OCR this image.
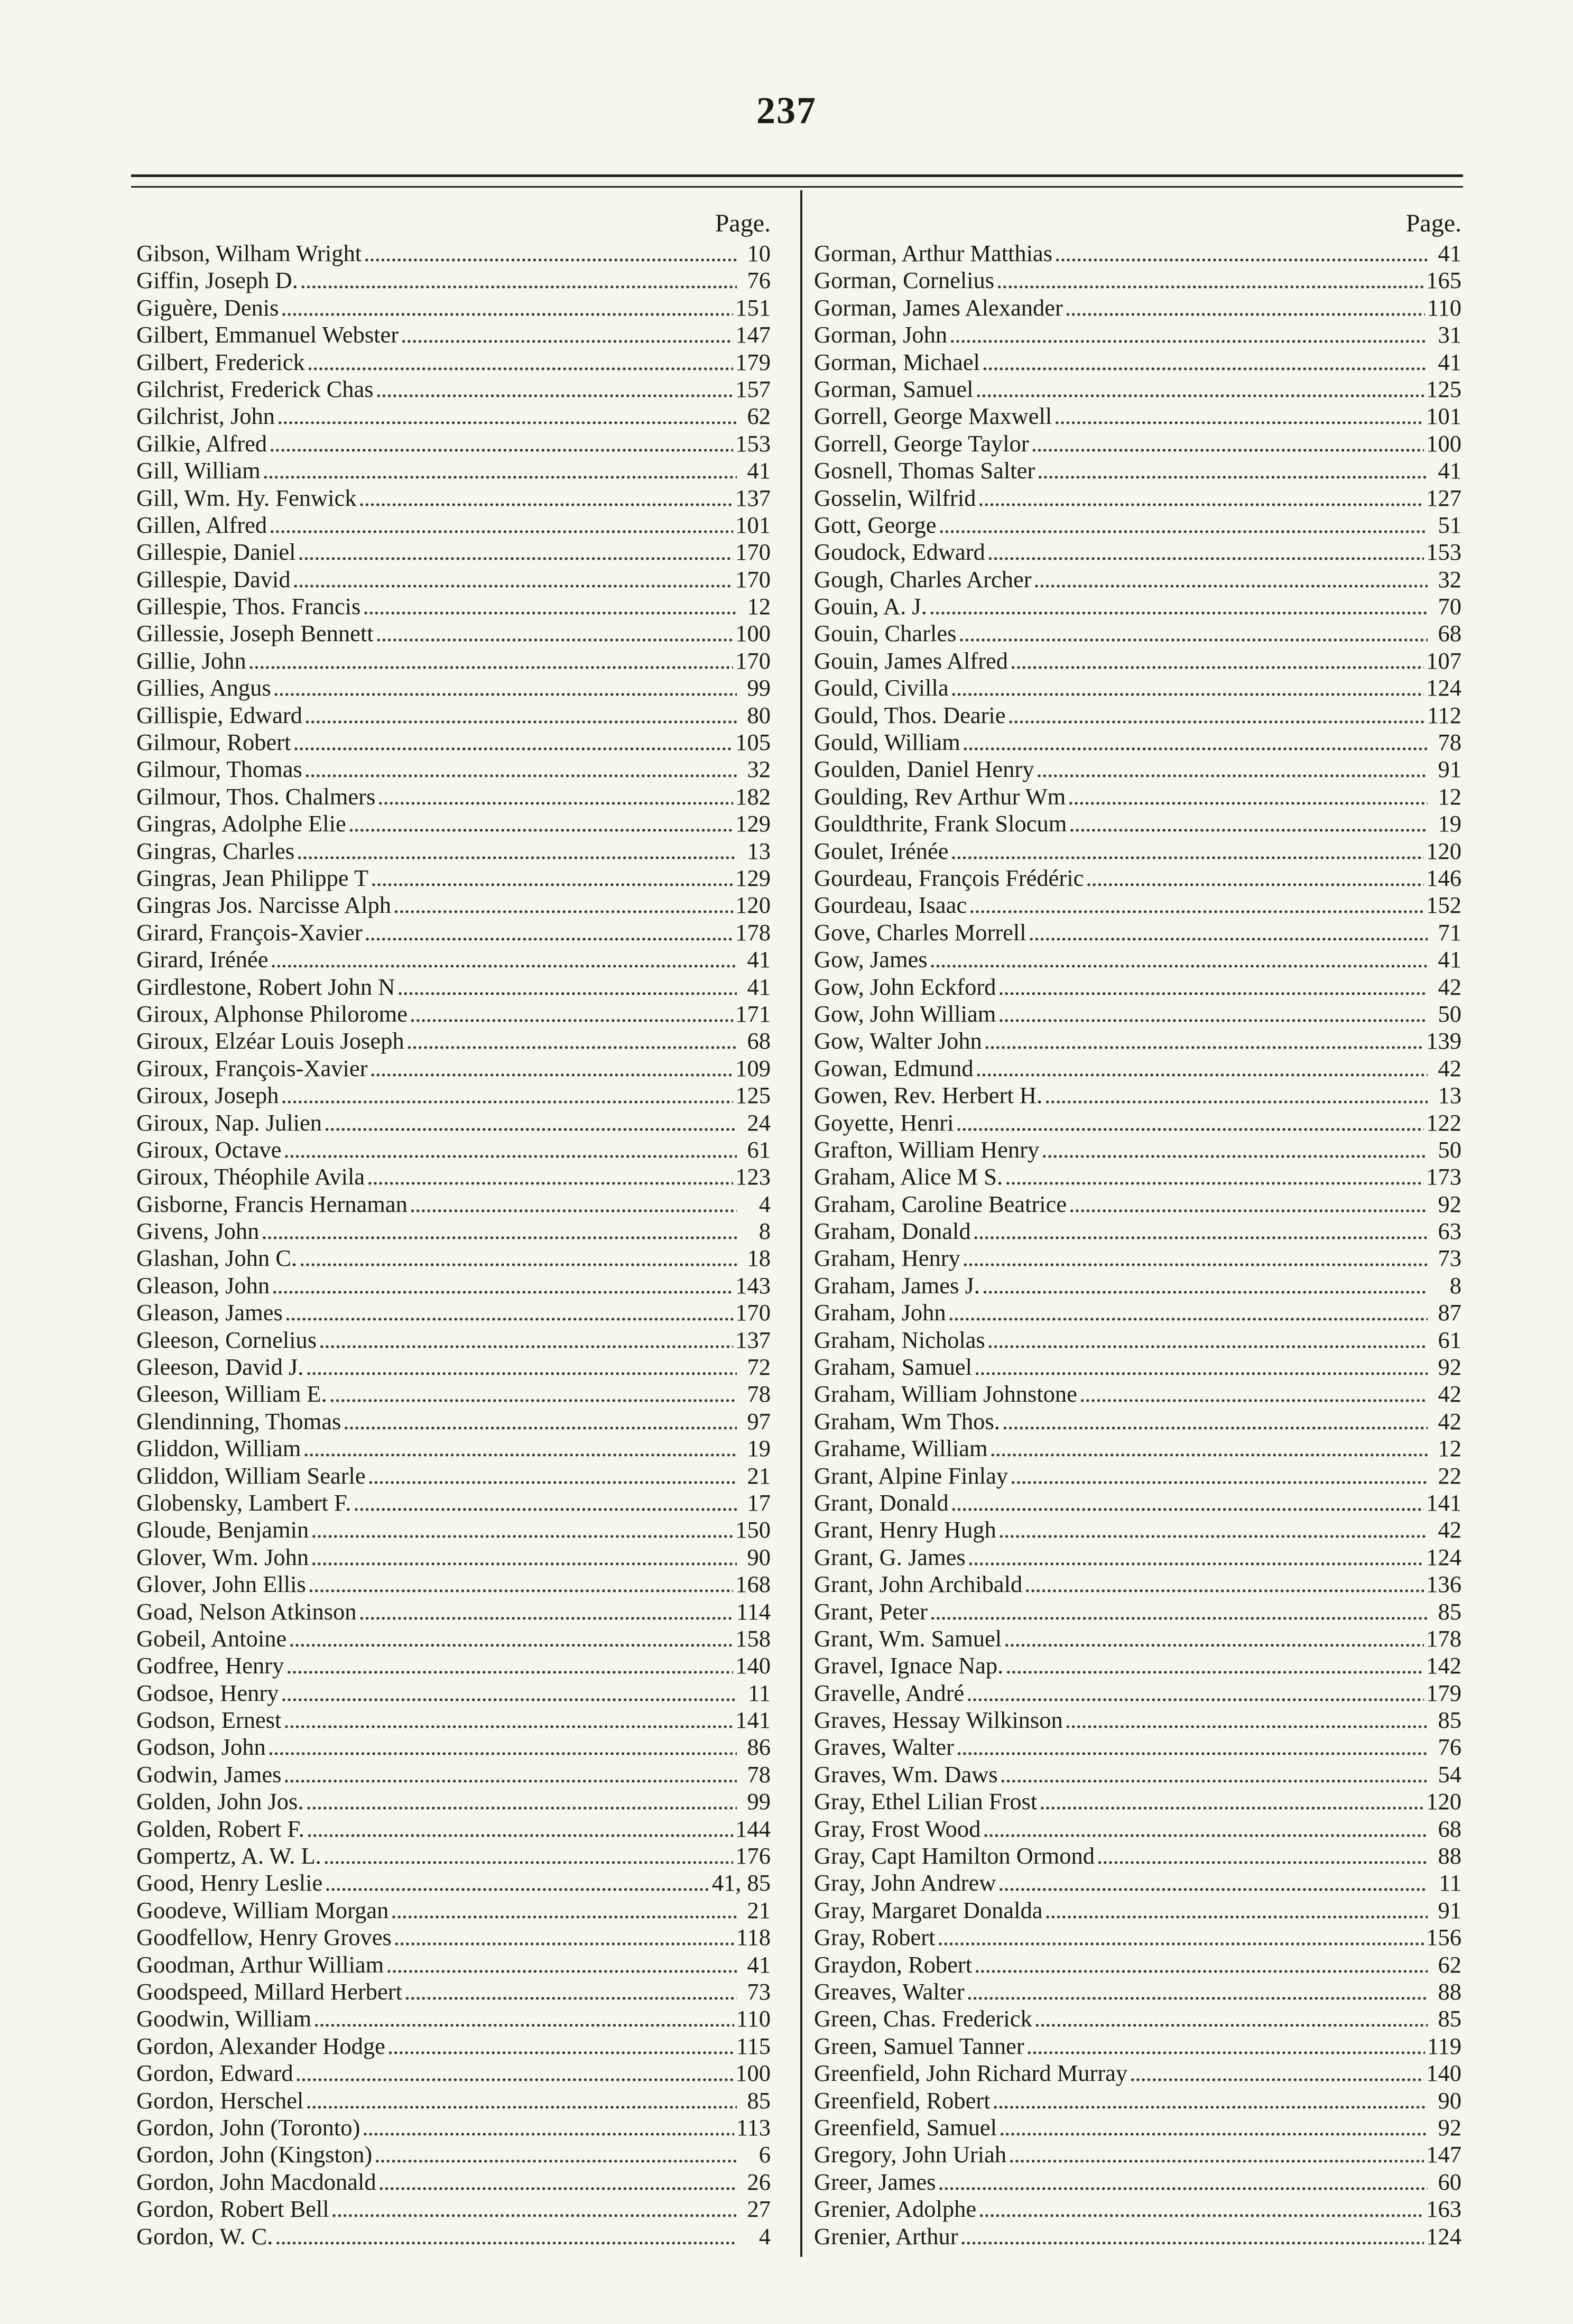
237
Page.
Gibson, Wilham Wright . . .	10
Giffin, Joseph D. . . .	76
Giguère, Denis . . .	151
Gilbert, Emmanuel Webster . . .	147
Gilbert, Frederick . . .	179
Gilchrist, Frederick Chas . . .	157
Gilchrist, John . . .	62
Gilkie, Alfred . . .	153
Gill, William . . .	41
Gill, Wm. Hy. Fenwick . . .	137
Gillen, Alfred . . .	101
Gillespie, Daniel . . .	170
Gillespie, David . . .	170
Gillespie, Thos. Francis . . .	12
Gillessie, Joseph Bennett . . .	100
Gillie, John . . .	170
Gillies, Angus . . .	99
Gillispie, Edward . . .	80
Gilmour, Robert . . .	105
Gilmour, Thomas . . .	32
Gilmour, Thos. Chalmers . . .	182
Gingras, Adolphe Elie . . .	129
Gingras, Charles . . .	13
Gingras, Jean Philippe T . . .	129
Gingras Jos. Narcisse Alph . . .	120
Girard, François-Xavier . . .	178
Girard, Irénée . . .	41
Girdlestone, Robert John N . . .	41
Giroux, Alphonse Philorome . . .	171
Giroux, Elzéar Louis Joseph . . .	68
Giroux, François-Xavier . . .	109
Giroux, Joseph . . .	125
Giroux, Nap. Julien . . .	24
Giroux, Octave . . .	61
Giroux, Théophile Avila . . .	123
Gisborne, Francis Hernaman . . .	4
Givens, John . . .	8
Glashan, John C. . . .	18
Gleason, John . . .	143
Gleason, James . . .	170
Gleeson, Cornelius . . .	137
Gleeson, David J. . . .	72
Gleeson, William E. . . .	78
Glendinning, Thomas . . .	97
Gliddon, William . . .	19
Gliddon, William Searle . . .	21
Globensky, Lambert F. . . .	17
Gloude, Benjamin . . .	150
Glover, Wm. John . . .	90
Glover, John Ellis . . .	168
Goad, Nelson Atkinson . . .	114
Gobeil, Antoine . . .	158
Godfree, Henry . . .	140
Godsoe, Henry . . .	11
Godson, Ernest . . .	141
Godson, John . . .	86
Godwin, James . . .	78
Golden, John Jos. . . .	99
Golden, Robert F. . . .	144
Gompertz, A. W. L. . . .	176
Good, Henry Leslie . . .	41, 85
Goodeve, William Morgan . . .	21
Goodfellow, Henry Groves . . .	118
Goodman, Arthur William . . .	41
Goodspeed, Millard Herbert . . .	73
Goodwin, William . . .	110
Gordon, Alexander Hodge . . .	115
Gordon, Edward . . .	100
Gordon, Herschel . . .	85
Gordon, John (Toronto) . . .	113
Gordon, John (Kingston) . . .	6
Gordon, John Macdonald . . .	26
Gordon, Robert Bell . . .	27
Gordon, W. C. . . .	4
Page.
Gorman, Arthur Matthias . . .	41
Gorman, Cornelius . . .	165
Gorman, James Alexander . . .	110
Gorman, John . . .	31
Gorman, Michael . . .	41
Gorman, Samuel . . .	125
Gorrell, George Maxwell . . .	101
Gorrell, George Taylor . . .	100
Gosnell, Thomas Salter . . .	41
Gosselin, Wilfrid . . .	127
Gott, George . . .	51
Goudock, Edward . . .	153
Gough, Charles Archer . . .	32
Gouin, A. J. . . .	70
Gouin, Charles . . .	68
Gouin, James Alfred . . .	107
Gould, Civilla . . .	124
Gould, Thos. Dearie . . .	112
Gould, William . . .	78
Goulden, Daniel Henry . . .	91
Goulding, Rev Arthur Wm . . .	12
Gouldthrite, Frank Slocum . . .	19
Goulet, Irénée . . .	120
Gourdeau, François Frédéric . . .	146
Gourdeau, Isaac . . .	152
Gove, Charles Morrell . . .	71
Gow, James . . .	41
Gow, John Eckford . . .	42
Gow, John William . . .	50
Gow, Walter John . . .	139
Gowan, Edmund . . .	42
Gowen, Rev. Herbert H. . . .	13
Goyette, Henri . . .	122
Grafton, William Henry . . .	50
Graham, Alice M S. . . .	173
Graham, Caroline Beatrice . . .	92
Graham, Donald . . .	63
Graham, Henry . . .	73
Graham, James J. . . .	8
Graham, John . . .	87
Graham, Nicholas . . .	61
Graham, Samuel . . .	92
Graham, William Johnstone . . .	42
Graham, Wm Thos. . . .	42
Grahame, William . . .	12
Grant, Alpine Finlay . . .	22
Grant, Donald . . .	141
Grant, Henry Hugh . . .	42
Grant, G. James . . .	124
Grant, John Archibald . . .	136
Grant, Peter . . .	85
Grant, Wm. Samuel . . .	178
Gravel, Ignace Nap. . . .	142
Gravelle, André . . .	179
Graves, Hessay Wilkinson . . .	85
Graves, Walter . . .	76
Graves, Wm. Daws . . .	54
Gray, Ethel Lilian Frost . . .	120
Gray, Frost Wood . . .	68
Gray, Capt Hamilton Ormond . . .	88
Gray, John Andrew . . .	11
Gray, Margaret Donalda . . .	91
Gray, Robert . . .	156
Graydon, Robert . . .	62
Greaves, Walter . . .	88
Green, Chas. Frederick . . .	85
Green, Samuel Tanner . . .	119
Greenfield, John Richard Murray . . .	140
Greenfield, Robert . . .	90
Greenfield, Samuel . . .	92
Gregory, John Uriah . . .	147
Greer, James . . .	60
Grenier, Adolphe . . .	163
Grenier, Arthur . . .	124
